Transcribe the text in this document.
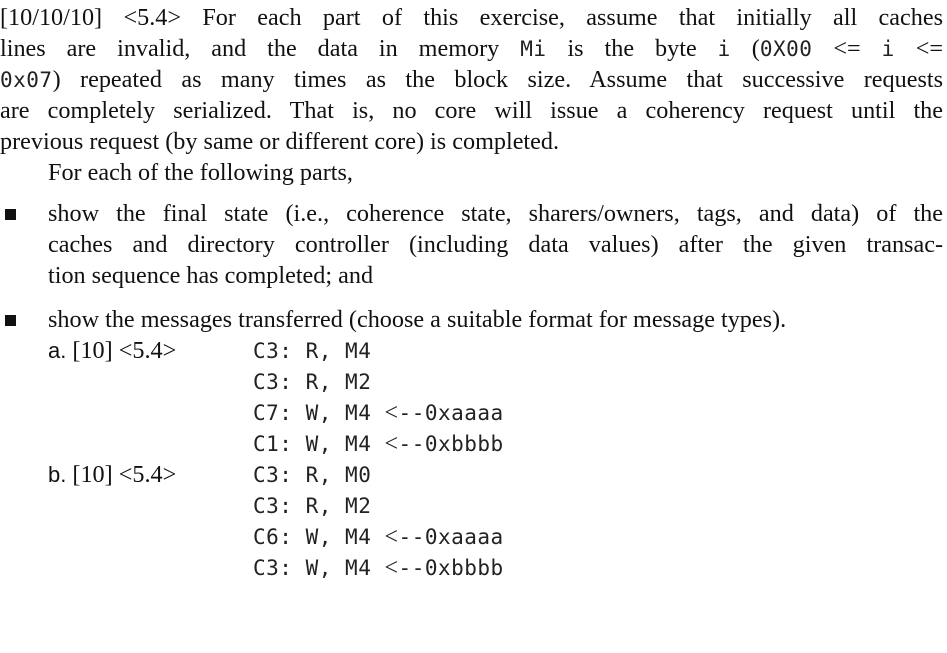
[10/10/10] <5.4> For each part of this exercise, assume that initially all caches
lines are invalid, and the data in memory Mi is the byte i (0X00 <= i <=
0x07) repeated as many times as the block size. Assume that successive requests
are completely serialized. That is, no core will issue a coherency request until the
previous request (by same or different core) is completed.
For each of the following parts,
show the final state (i.e., coherence state, sharers/owners, tags, and data) of the
caches and directory controller (including data values) after the given transac-
tion sequence has completed; and
show the messages transferred (choose a suitable format for message types).
a. [10] <5.4>	C3: R, M4
C3: R, M2
C7: W, M4 <--0xaaaa
C1: W, M4 <--0xbbbb
b. [10] <5.4>	C3: R, M0
C3: R, M2
C6: W, M4 <--0xaaaa
C3: W, M4 <--0xbbbb
